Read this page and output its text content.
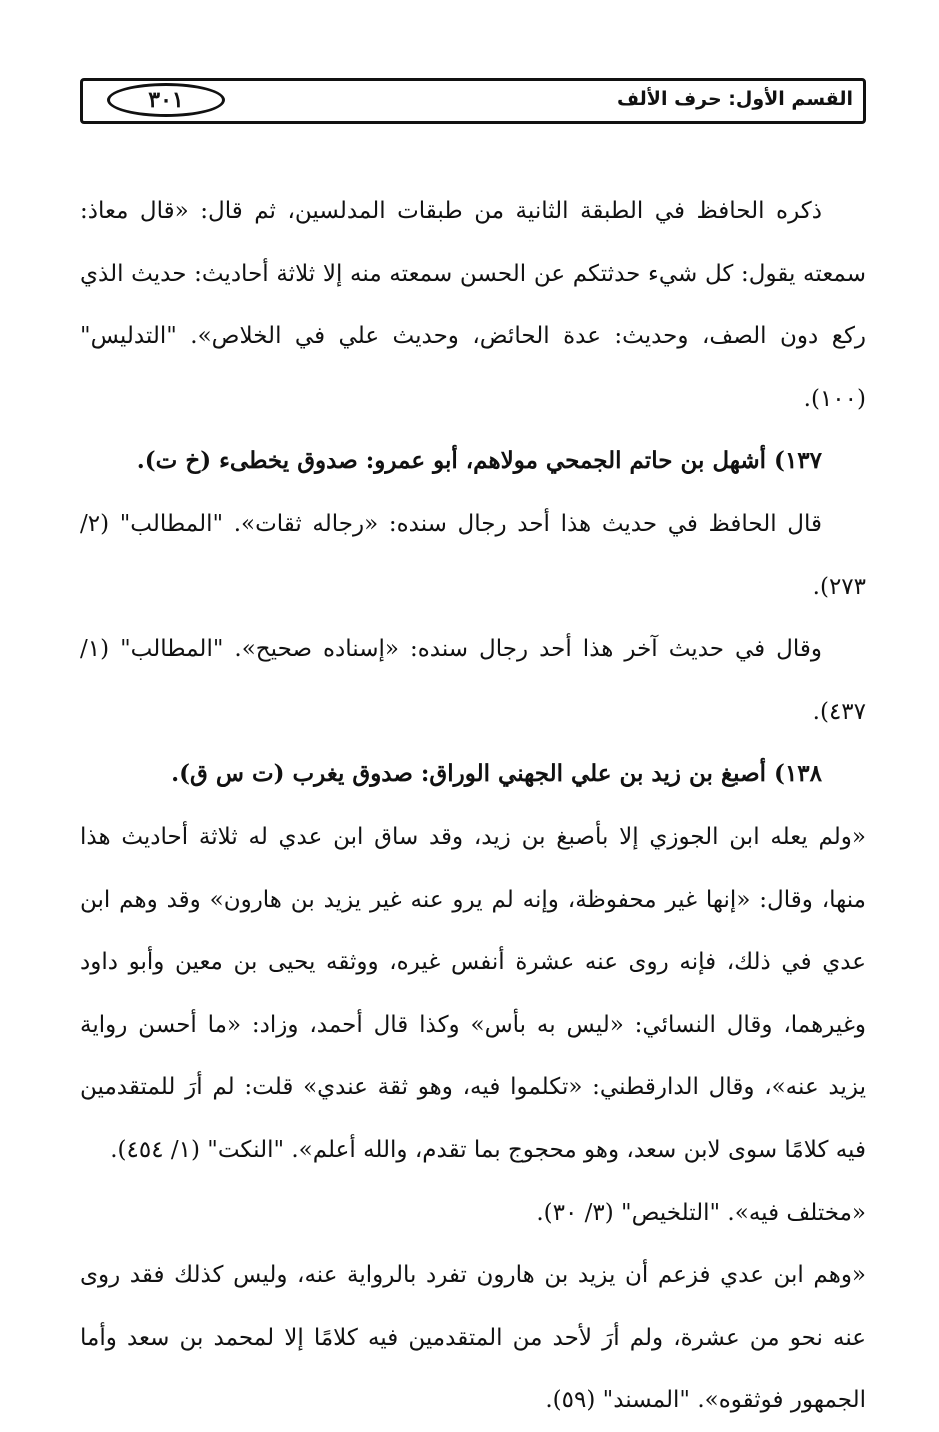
القسم الأول: حرف الألف
٣٠١

ذكره الحافظ في الطبقة الثانية من طبقات المدلسين، ثم قال: «قال معاذ: سمعته يقول: كل شيء حدثتكم عن الحسن سمعته منه إلا ثلاثة أحاديث: حديث الذي ركع دون الصف، وحديث: عدة الحائض، وحديث علي في الخلاص». "التدليس" (١٠٠).

١٣٧) أشهل بن حاتم الجمحي مولاهم، أبو عمرو: صدوق يخطىء (خ ت).

قال الحافظ في حديث هذا أحد رجال سنده: «رجاله ثقات». "المطالب" (٢/ ٢٧٣).

وقال في حديث آخر هذا أحد رجال سنده: «إسناده صحيح». "المطالب" (١/ ٤٣٧).

١٣٨) أصبغ بن زيد بن علي الجهني الوراق: صدوق يغرب (ت س ق).

«ولم يعله ابن الجوزي إلا بأصبغ بن زيد، وقد ساق ابن عدي له ثلاثة أحاديث هذا منها، وقال: «إنها غير محفوظة، وإنه لم يرو عنه غير يزيد بن هارون» وقد وهم ابن عدي في ذلك، فإنه روى عنه عشرة أنفس غيره، ووثقه يحيى بن معين وأبو داود وغيرهما، وقال النسائي: «ليس به بأس» وكذا قال أحمد، وزاد: «ما أحسن رواية يزيد عنه»، وقال الدارقطني: «تكلموا فيه، وهو ثقة عندي» قلت: لم أرَ للمتقدمين فيه كلامًا سوى لابن سعد، وهو محجوج بما تقدم، والله أعلم». "النكت" (١/ ٤٥٤).

«مختلف فيه». "التلخيص" (٣/ ٣٠).

«وهم ابن عدي فزعم أن يزيد بن هارون تفرد بالرواية عنه، وليس كذلك فقد روى عنه نحو من عشرة، ولم أرَ لأحد من المتقدمين فيه كلامًا إلا لمحمد بن سعد وأما الجمهور فوثقوه». "المسند" (٥٩).
